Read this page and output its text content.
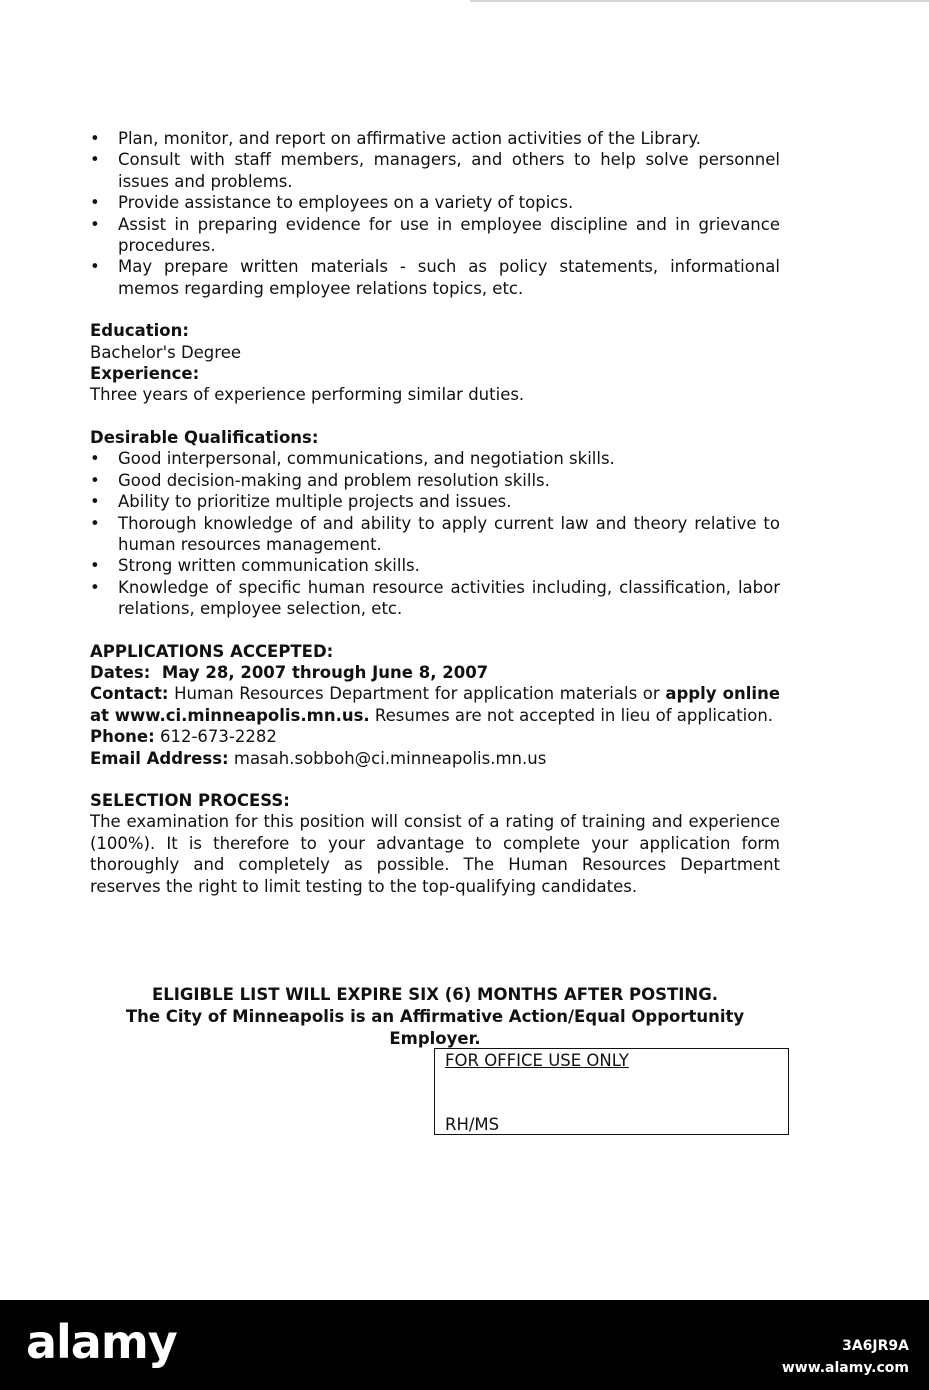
• Plan, monitor, and report on affirmative action activities of the Library.
• Consult with staff members, managers, and others to help solve personnel issues and problems.
• Provide assistance to employees on a variety of topics.
• Assist in preparing evidence for use in employee discipline and in grievance procedures.
• May prepare written materials - such as policy statements, informational memos regarding employee relations topics, etc.

Education:

Bachelor's Degree

Experience:

Three years of experience performing similar duties.

Desirable Qualifications:

• Good interpersonal, communications, and negotiation skills.
• Good decision-making and problem resolution skills.
• Ability to prioritize multiple projects and issues.
• Thorough knowledge of and ability to apply current law and theory relative to human resources management.
• Strong written communication skills.
• Knowledge of specific human resource activities including, classification, labor relations, employee selection, etc.

APPLICATIONS ACCEPTED:

Dates: May 28, 2007 through June 8, 2007

Contact: Human Resources Department for application materials or apply online at www.ci.minneapolis.mn.us. Resumes are not accepted in lieu of application.

Phone: 612-673-2282

Email Address: masah.sobboh@ci.minneapolis.mn.us

SELECTION PROCESS:

The examination for this position will consist of a rating of training and experience (100%). It is therefore to your advantage to complete your application form thoroughly and completely as possible. The Human Resources Department reserves the right to limit testing to the top-qualifying candidates.

ELIGIBLE LIST WILL EXPIRE SIX (6) MONTHS AFTER POSTING.
The City of Minneapolis is an Affirmative Action/Equal Opportunity Employer.
FOR OFFICE USE ONLY
RH/MS
alamy	3A6JR9A
www.alamy.com
